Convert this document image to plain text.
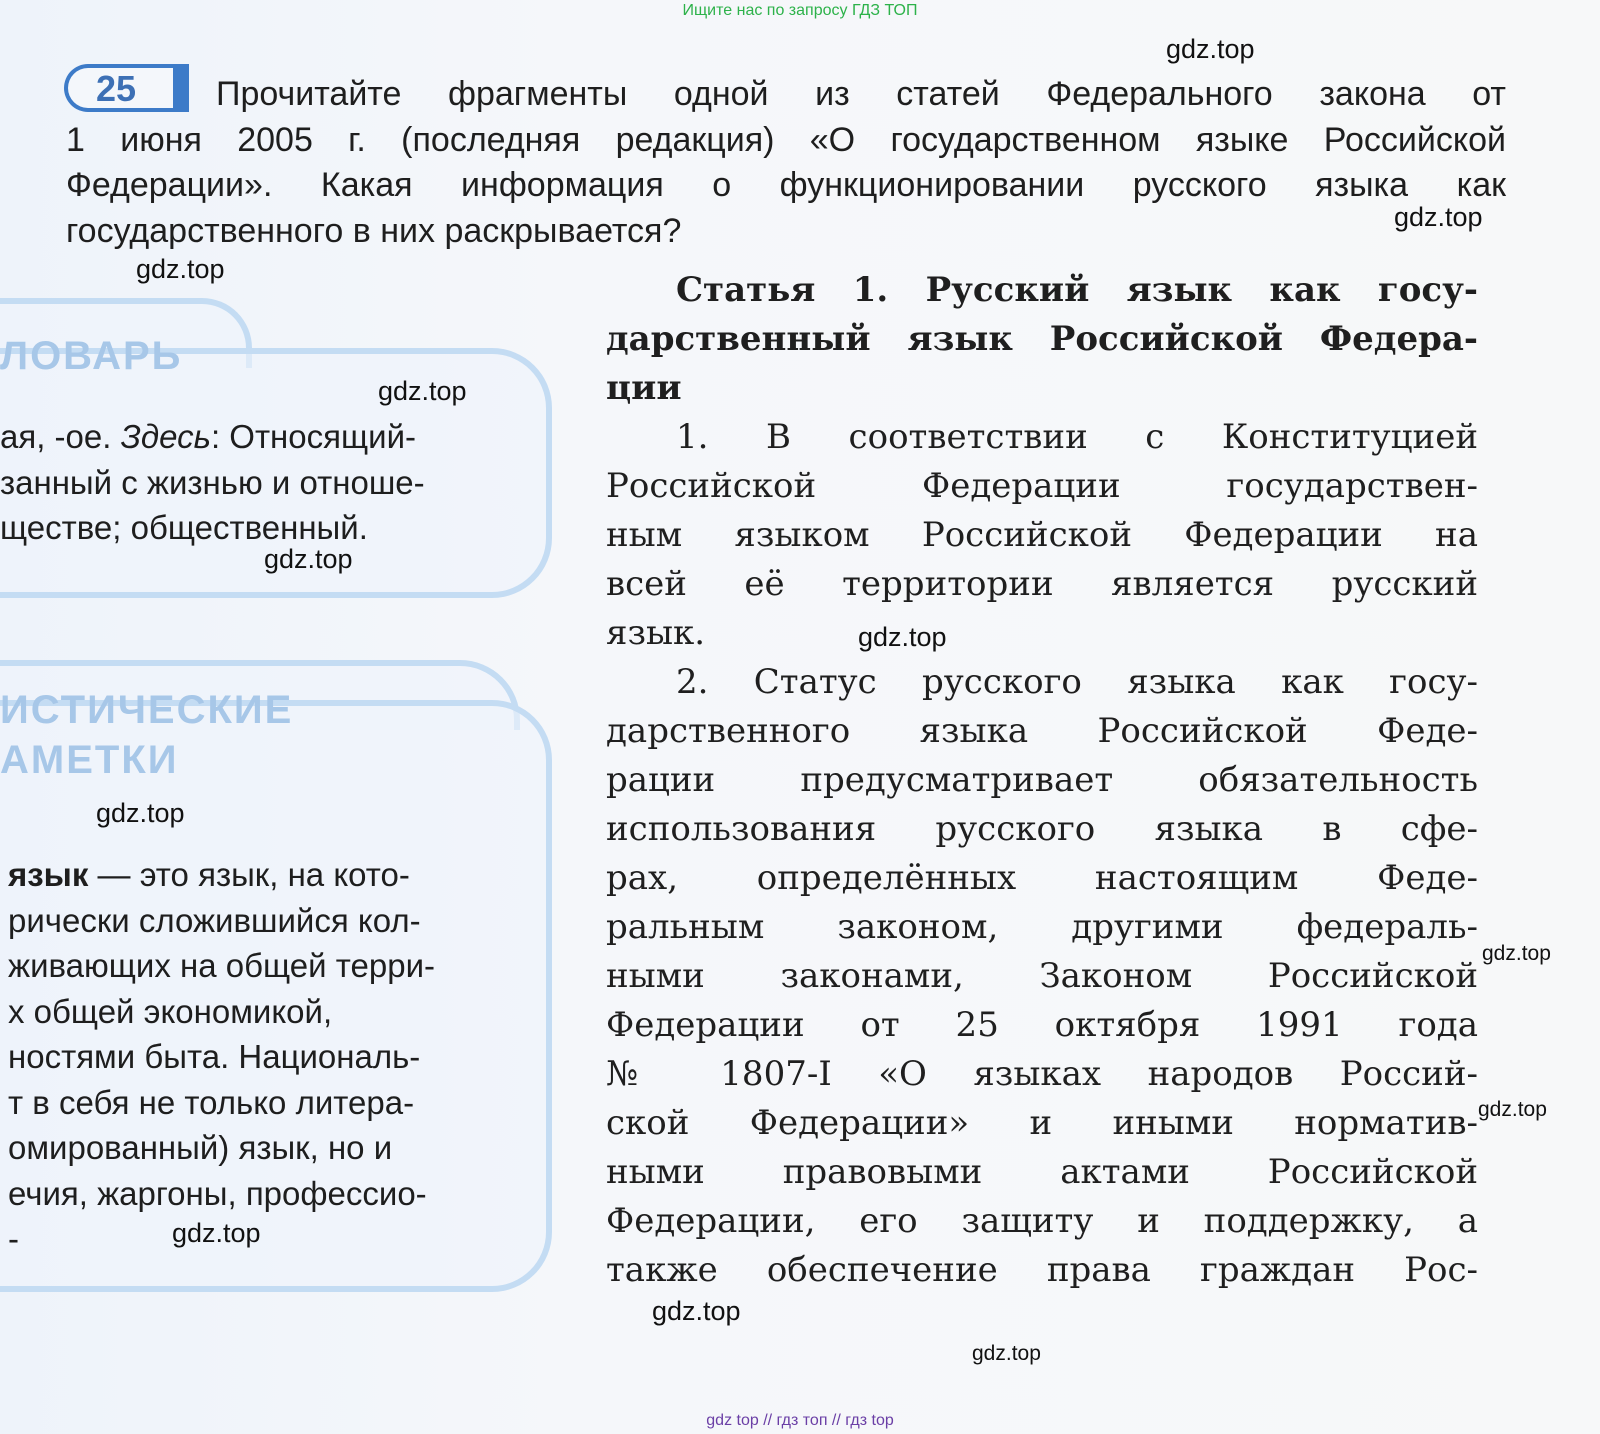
Ищите нас по запросу ГДЗ ТОП
25	Прочитайте фрагменты одной из статей Федерального закона от
1 июня 2005 г. (последняя редакция) «О государственном языке Российской
Федерации». Какая информация о функционировании русского языка как
государственного в них раскрывается?
ЛОВАРЬ
ая, -ое. Здесь: Относящий-
занный с жизнью и отноше-
ществе; общественный.
ИСТИЧЕСКИЕ
АМЕТКИ
язык — это язык, на кото-
рически сложившийся кол-
живающих на общей терри-
х общей экономикой,
ностями быта. Националь-
т в себя не только литера-
омированный) язык, но и
ечия, жаргоны, профессио-
-
Статья 1. Русский язык как госу-
дарственный язык Российской Федера-
ции
1. В соответствии с Конституцией
Российской Федерации государствен-
ным языком Российской Федерации на
всей её территории является русский
язык.
2. Статус русского языка как госу-
дарственного языка Российской Феде-
рации предусматривает обязательность
использования русского языка в сфе-
рах, определённых настоящим Феде-
ральным законом, другими федераль-
ными законами, Законом Российской
Федерации от 25 октября 1991 года
№ 1807-I «О языках народов Россий-
ской Федерации» и иными норматив-
ными правовыми актами Российской
Федерации, его защиту и поддержку, а
также обеспечение права граждан Рос-
gdz.top
gdz.top
gdz.top
gdz.top
gdz.top
gdz.top
gdz.top
gdz.top
gdz.top
gdz.top
gdz.top
gdz.top
gdz top // гдз топ // гдз top
